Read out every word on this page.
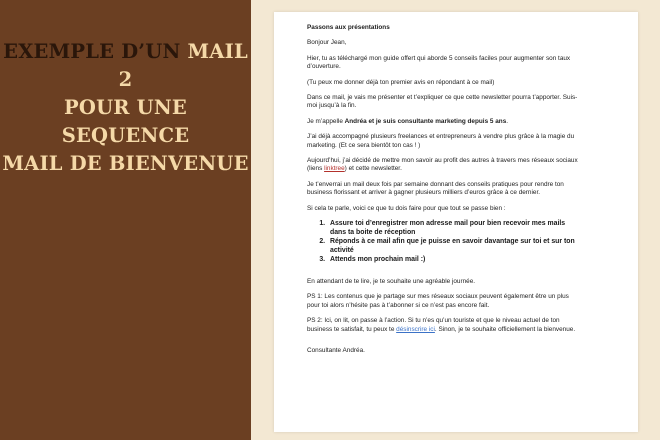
EXEMPLE D’UN MAIL 2
POUR UNE SEQUENCE
MAIL DE BIENVENUE

Passons aux présentations

Bonjour Jean,

Hier, tu as téléchargé mon guide offert qui aborde 5 conseils faciles pour augmenter son taux d’ouverture.

(Tu peux me donner déjà ton premier avis en répondant à ce mail)

Dans ce mail, je vais me présenter et t’expliquer ce que cette newsletter pourra t’apporter. Suis-moi jusqu’à la fin.

Je m’appelle Andréa et je suis consultante marketing depuis 5 ans.

J’ai déjà accompagné plusieurs freelances et entrepreneurs à vendre plus grâce à la magie du marketing. (Et ce sera bientôt ton cas ! )

Aujourd’hui, j’ai décidé de mettre mon savoir au profit des autres à travers mes réseaux sociaux (liens linktree) et cette newsletter.

Je t’enverrai un mail deux fois par semaine donnant des conseils pratiques pour rendre ton business florissant et arriver à gagner plusieurs milliers d’euros grâce à ce dernier.

Si cela te parle, voici ce que tu dois faire pour que tout se passe bien :

1. Assure toi d’enregistrer mon adresse mail pour bien recevoir mes mails dans ta boite de réception
2. Réponds à ce mail afin que je puisse en savoir davantage sur toi et sur ton activité
3. Attends mon prochain mail :)

En attendant de te lire, je te souhaite une agréable journée.

PS 1: Les contenus que je partage sur mes réseaux sociaux peuvent également être un plus pour toi alors n’hésite pas à t’abonner si ce n’est pas encore fait.

PS 2: Ici, on lit, on passe à l’action. Si tu n’es qu’un touriste et que le niveau actuel de ton business te satisfait, tu peux te désinscrire ici. Sinon, je te souhaite officiellement la bienvenue.

Consultante Andréa.
